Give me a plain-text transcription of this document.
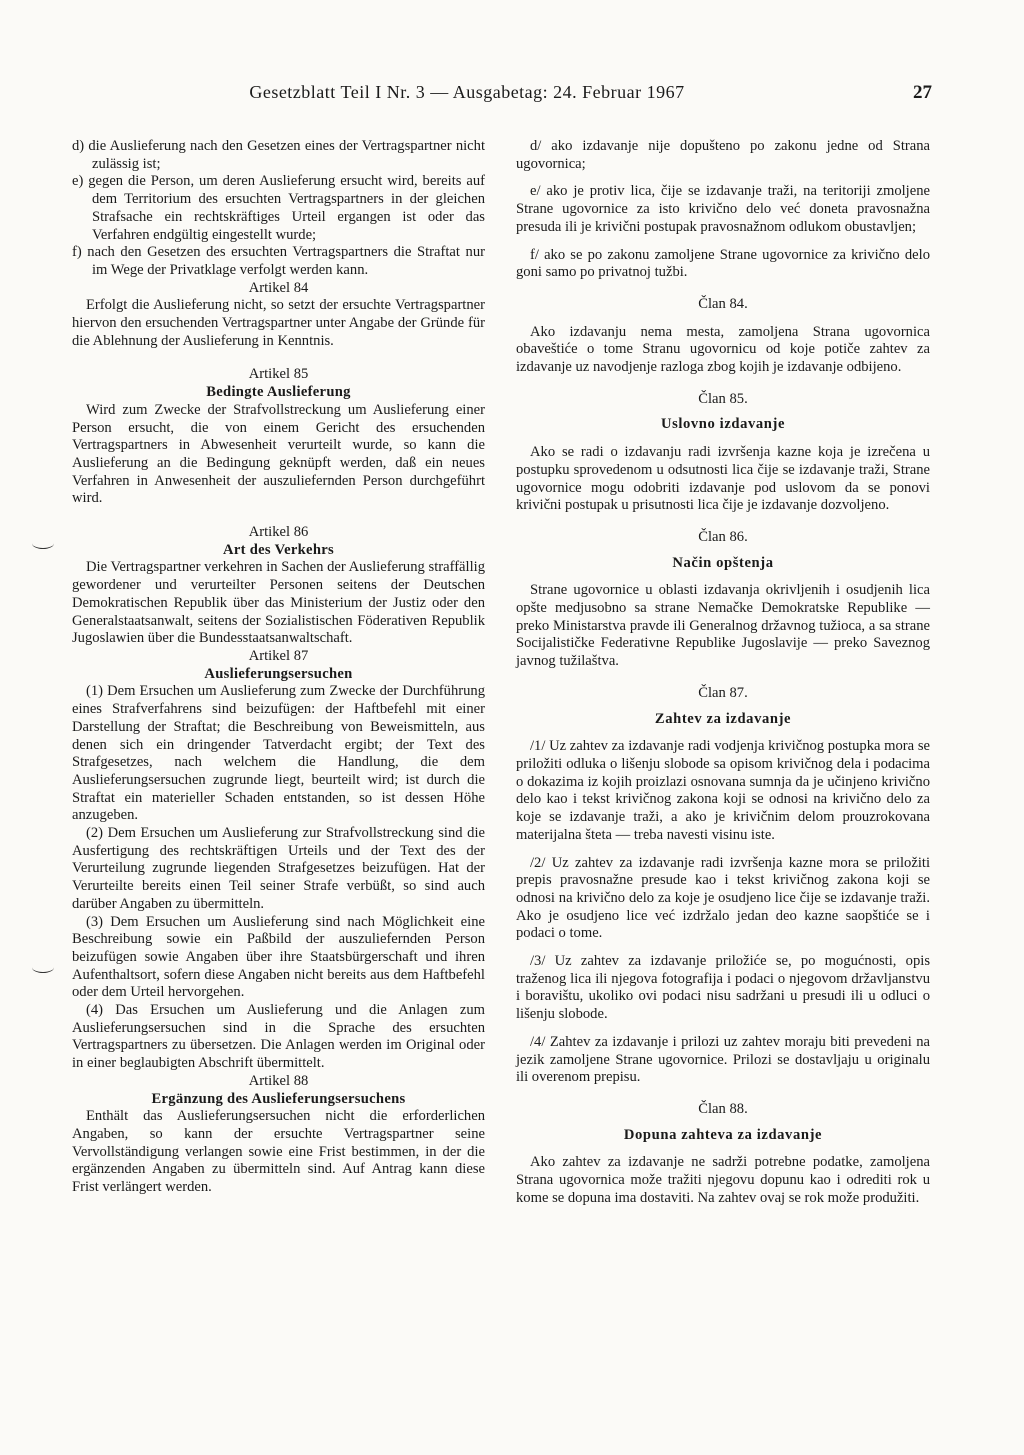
Gesetzblatt Teil I Nr. 3 — Ausgabetag: 24. Februar 1967	27

d) die Auslieferung nach den Gesetzen eines der Vertragspartner nicht zulässig ist;

e) gegen die Person, um deren Auslieferung ersucht wird, bereits auf dem Territorium des ersuchten Vertragspartners in der gleichen Strafsache ein rechtskräftiges Urteil ergangen ist oder das Verfahren endgültig eingestellt wurde;

f) nach den Gesetzen des ersuchten Vertragspartners die Straftat nur im Wege der Privatklage verfolgt werden kann.

Artikel 84

Erfolgt die Auslieferung nicht, so setzt der ersuchte Vertragspartner hiervon den ersuchenden Vertragspartner unter Angabe der Gründe für die Ablehnung der Auslieferung in Kenntnis.

Artikel 85

Bedingte Auslieferung

Wird zum Zwecke der Strafvollstreckung um Auslieferung einer Person ersucht, die von einem Gericht des ersuchenden Vertragspartners in Abwesenheit verurteilt wurde, so kann die Auslieferung an die Bedingung geknüpft werden, daß ein neues Verfahren in Anwesenheit der auszuliefernden Person durchgeführt wird.

Artikel 86

Art des Verkehrs

Die Vertragspartner verkehren in Sachen der Auslieferung straffällig gewordener und verurteilter Personen seitens der Deutschen Demokratischen Republik über das Ministerium der Justiz oder den Generalstaatsanwalt, seitens der Sozialistischen Föderativen Republik Jugoslawien über die Bundesstaatsanwaltschaft.

Artikel 87

Auslieferungsersuchen

(1) Dem Ersuchen um Auslieferung zum Zwecke der Durchführung eines Strafverfahrens sind beizufügen: der Haftbefehl mit einer Darstellung der Straftat; die Beschreibung von Beweismitteln, aus denen sich ein dringender Tatverdacht ergibt; der Text des Strafgesetzes, nach welchem die Handlung, die dem Auslieferungsersuchen zugrunde liegt, beurteilt wird; ist durch die Straftat ein materieller Schaden entstanden, so ist dessen Höhe anzugeben.

(2) Dem Ersuchen um Auslieferung zur Strafvollstreckung sind die Ausfertigung des rechtskräftigen Urteils und der Text des der Verurteilung zugrunde liegenden Strafgesetzes beizufügen. Hat der Verurteilte bereits einen Teil seiner Strafe verbüßt, so sind auch darüber Angaben zu übermitteln.

(3) Dem Ersuchen um Auslieferung sind nach Möglichkeit eine Beschreibung sowie ein Paßbild der auszuliefernden Person beizufügen sowie Angaben über ihre Staatsbürgerschaft und ihren Aufenthaltsort, sofern diese Angaben nicht bereits aus dem Haftbefehl oder dem Urteil hervorgehen.

(4) Das Ersuchen um Auslieferung und die Anlagen zum Auslieferungsersuchen sind in die Sprache des ersuchten Vertragspartners zu übersetzen. Die Anlagen werden im Original oder in einer beglaubigten Abschrift übermittelt.

Artikel 88

Ergänzung des Auslieferungsersuchens

Enthält das Auslieferungsersuchen nicht die erforderlichen Angaben, so kann der ersuchte Vertragspartner seine Vervollständigung verlangen sowie eine Frist bestimmen, in der die ergänzenden Angaben zu übermitteln sind. Auf Antrag kann diese Frist verlängert werden.

d/ ako izdavanje nije dopušteno po zakonu jedne od Strana ugovornica;

e/ ako je protiv lica, čije se izdavanje traži, na teritoriji zmoljene Strane ugovornice za isto krivično delo već doneta pravosnažna presuda ili je krivični postupak pravosnažnom odlukom obustavljen;

f/ ako se po zakonu zamoljene Strane ugovornice za krivično delo goni samo po privatnoj tužbi.

Član 84.

Ako izdavanju nema mesta, zamoljena Strana ugovornica obaveštiće o tome Stranu ugovornicu od koje potiče zahtev za izdavanje uz navodjenje razloga zbog kojih je izdavanje odbijeno.

Član 85.

Uslovno izdavanje

Ako se radi o izdavanju radi izvršenja kazne koja je izrečena u postupku sprovedenom u odsutnosti lica čije se izdavanje traži, Strane ugovornice mogu odobriti izdavanje pod uslovom da se ponovi krivični postupak u prisutnosti lica čije je izdavanje dozvoljeno.

Član 86.

Način opštenja

Strane ugovornice u oblasti izdavanja okrivljenih i osudjenih lica opšte medjusobno sa strane Nemačke Demokratske Republike — preko Ministarstva pravde ili Generalnog državnog tužioca, a sa strane Socijalističke Federativne Republike Jugoslavije — preko Saveznog javnog tužilaštva.

Član 87.

Zahtev za izdavanje

/1/ Uz zahtev za izdavanje radi vodjenja krivičnog postupka mora se priložiti odluka o lišenju slobode sa opisom krivičnog dela i podacima o dokazima iz kojih proizlazi osnovana sumnja da je učinjeno krivično delo kao i tekst krivičnog zakona koji se odnosi na krivično delo za koje se izdavanje traži, a ako je krivičnim delom prouzrokovana materijalna šteta — treba navesti visinu iste.

/2/ Uz zahtev za izdavanje radi izvršenja kazne mora se priložiti prepis pravosnažne presude kao i tekst krivičnog zakona koji se odnosi na krivično delo za koje je osudjeno lice čije se izdavanje traži. Ako je osudjeno lice već izdržalo jedan deo kazne saopštiće se i podaci o tome.

/3/ Uz zahtev za izdavanje priložiće se, po mogućnosti, opis traženog lica ili njegova fotografija i podaci o njegovom državljanstvu i boravištu, ukoliko ovi podaci nisu sadržani u presudi ili u odluci o lišenju slobode.

/4/ Zahtev za izdavanje i prilozi uz zahtev moraju biti prevedeni na jezik zamoljene Strane ugovornice. Prilozi se dostavljaju u originalu ili overenom prepisu.

Član 88.

Dopuna zahteva za izdavanje

Ako zahtev za izdavanje ne sadrži potrebne podatke, zamoljena Strana ugovornica može tražiti njegovu dopunu kao i odrediti rok u kome se dopuna ima dostaviti. Na zahtev ovaj se rok može produžiti.
